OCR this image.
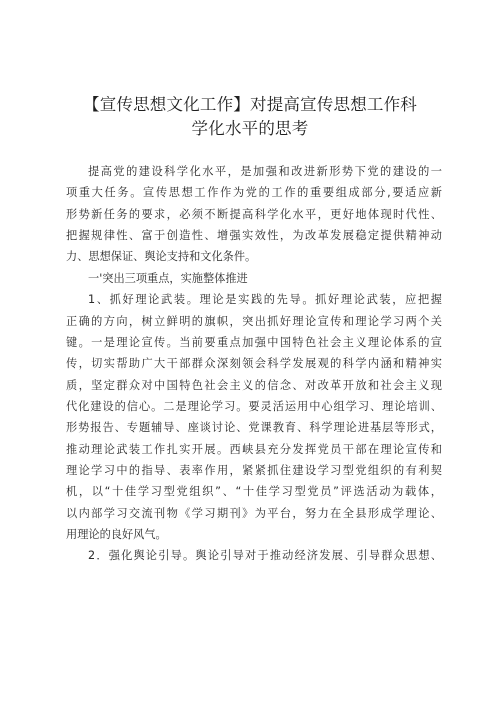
【宣传思想文化工作】对提高宣传思想工作科
学化水平的思考
提高党的建设科学化水平，是加强和改进新形势下党的建设的一
项重大任务。宣传思想工作作为党的工作的重要组成部分,要适应新
形势新任务的要求，必须不断提高科学化水平，更好地体现时代性、
把握规律性、富于创造性、增强实效性，为改革发展稳定提供精神动
力、思想保证、舆论支持和文化条件。
一'突出三项重点，实施整体推进
1、抓好理论武装。理论是实践的先导。抓好理论武装，应把握
正确的方向，树立鲜明的旗帜，突出抓好理论宣传和理论学习两个关
键。一是理论宣传。当前要重点加强中国特色社会主义理论体系的宣
传，切实帮助广大干部群众深刻领会科学发展观的科学内涵和精神实
质，坚定群众对中国特色社会主义的信念、对改革开放和社会主义现
代化建设的信心。二是理论学习。要灵活运用中心组学习、理论培训、
形势报告、专题辅导、座谈讨论、党课教育、科学理论进基层等形式，
推动理论武装工作扎实开展。西峡县充分发挥党员干部在理论宣传和
理论学习中的指导、表率作用，紧紧抓住建设学习型党组织的有利契
机，以“十佳学习型党组织”、“十佳学习型党员”评选活动为载体，
以内部学习交流刊物《学习期刊》为平台，努力在全县形成学理论、
用理论的良好风气。
2．强化舆论引导。舆论引导对于推动经济发展、引导群众思想、
